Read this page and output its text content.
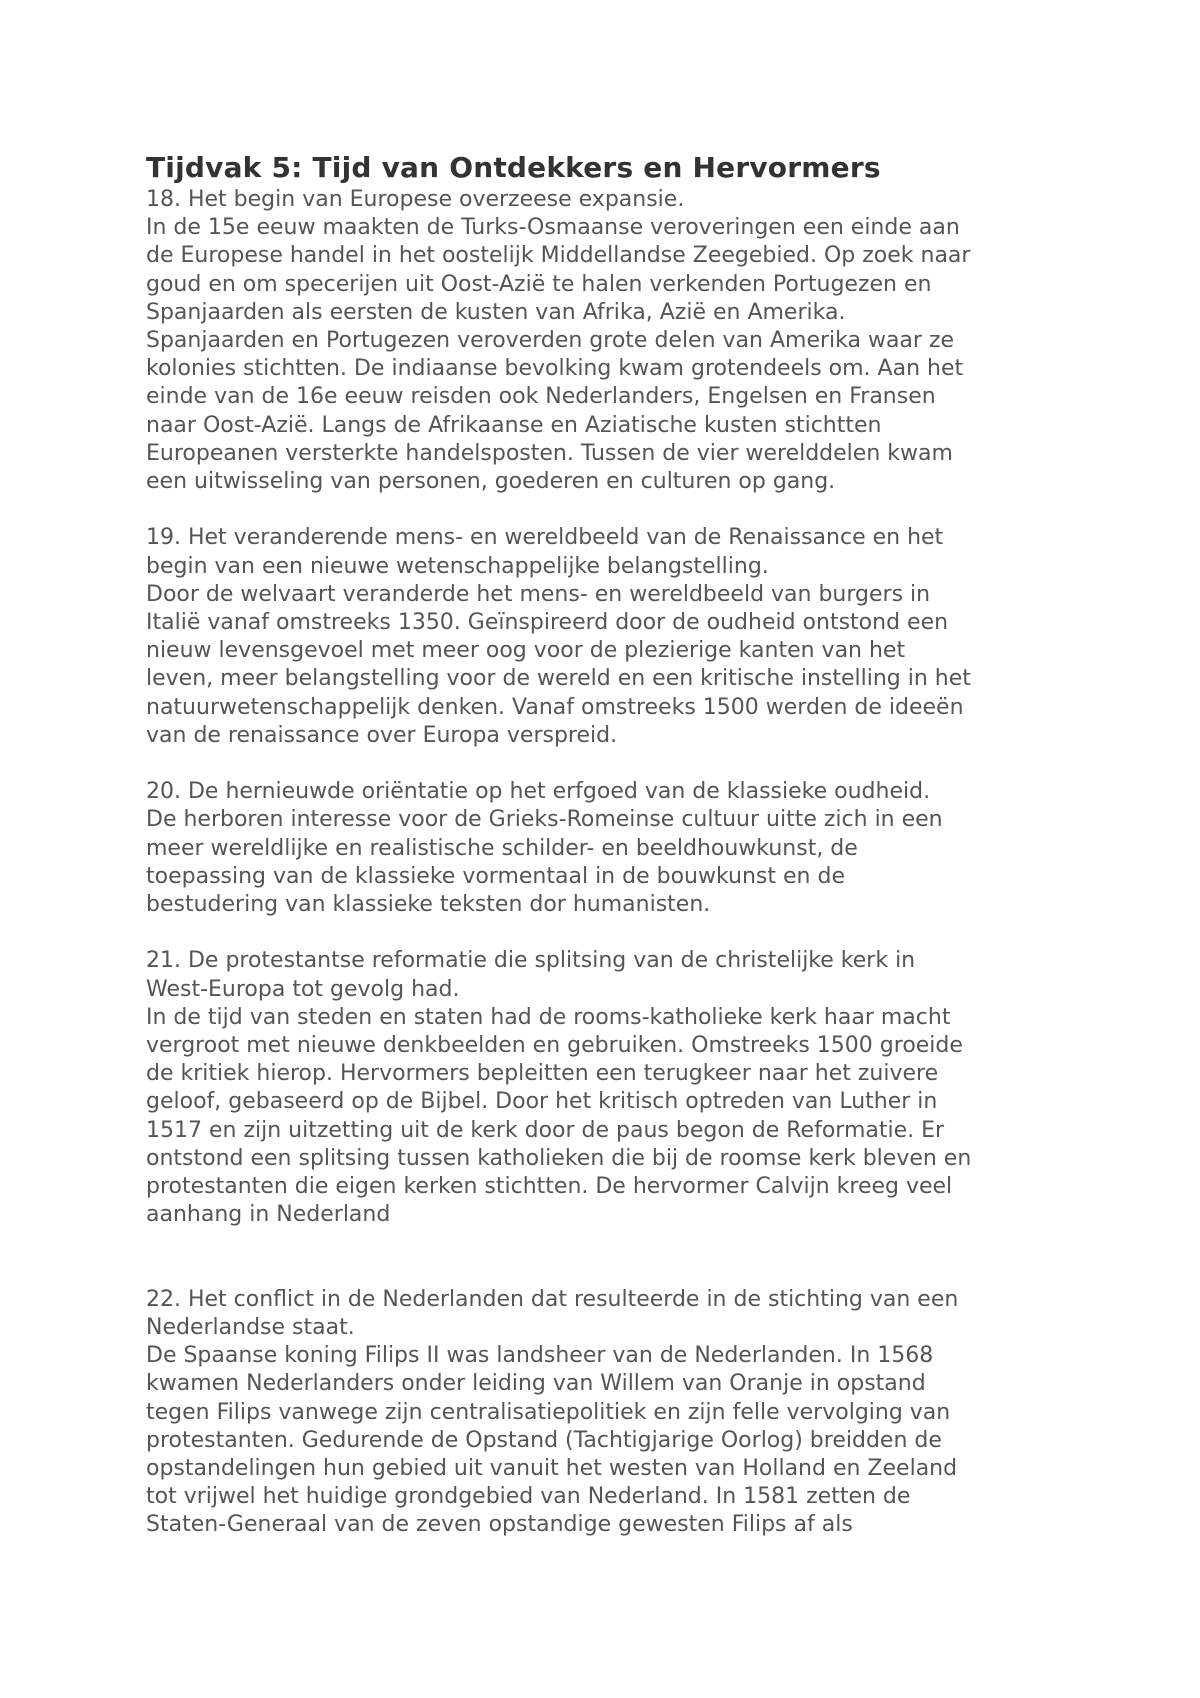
Tijdvak 5: Tijd van Ontdekkers en Hervormers

18. Het begin van Europese overzeese expansie.

In de 15e eeuw maakten de Turks-Osmaanse veroveringen een einde aan

de Europese handel in het oostelijk Middellandse Zeegebied. Op zoek naar

goud en om specerijen uit Oost-Azië te halen verkenden Portugezen en

Spanjaarden als eersten de kusten van Afrika, Azië en Amerika.

Spanjaarden en Portugezen veroverden grote delen van Amerika waar ze

kolonies stichtten. De indiaanse bevolking kwam grotendeels om. Aan het

einde van de 16e eeuw reisden ook Nederlanders, Engelsen en Fransen

naar Oost-Azië. Langs de Afrikaanse en Aziatische kusten stichtten

Europeanen versterkte handelsposten. Tussen de vier werelddelen kwam

een uitwisseling van personen, goederen en culturen op gang.

19. Het veranderende mens- en wereldbeeld van de Renaissance en het

begin van een nieuwe wetenschappelijke belangstelling.

Door de welvaart veranderde het mens- en wereldbeeld van burgers in

Italië vanaf omstreeks 1350. Geïnspireerd door de oudheid ontstond een

nieuw levensgevoel met meer oog voor de plezierige kanten van het

leven, meer belangstelling voor de wereld en een kritische instelling in het

natuurwetenschappelijk denken. Vanaf omstreeks 1500 werden de ideeën

van de renaissance over Europa verspreid.

20. De hernieuwde oriëntatie op het erfgoed van de klassieke oudheid.

De herboren interesse voor de Grieks-Romeinse cultuur uitte zich in een

meer wereldlijke en realistische schilder- en beeldhouwkunst, de

toepassing van de klassieke vormentaal in de bouwkunst en de

bestudering van klassieke teksten dor humanisten.

21. De protestantse reformatie die splitsing van de christelijke kerk in

West-Europa tot gevolg had.

In de tijd van steden en staten had de rooms-katholieke kerk haar macht

vergroot met nieuwe denkbeelden en gebruiken. Omstreeks 1500 groeide

de kritiek hierop. Hervormers bepleitten een terugkeer naar het zuivere

geloof, gebaseerd op de Bijbel. Door het kritisch optreden van Luther in

1517 en zijn uitzetting uit de kerk door de paus begon de Reformatie. Er

ontstond een splitsing tussen katholieken die bij de roomse kerk bleven en

protestanten die eigen kerken stichtten. De hervormer Calvijn kreeg veel

aanhang in Nederland

22. Het conflict in de Nederlanden dat resulteerde in de stichting van een

Nederlandse staat.

De Spaanse koning Filips II was landsheer van de Nederlanden. In 1568

kwamen Nederlanders onder leiding van Willem van Oranje in opstand

tegen Filips vanwege zijn centralisatiepolitiek en zijn felle vervolging van

protestanten. Gedurende de Opstand (Tachtigjarige Oorlog) breidden de

opstandelingen hun gebied uit vanuit het westen van Holland en Zeeland

tot vrijwel het huidige grondgebied van Nederland. In 1581 zetten de

Staten-Generaal van de zeven opstandige gewesten Filips af als
